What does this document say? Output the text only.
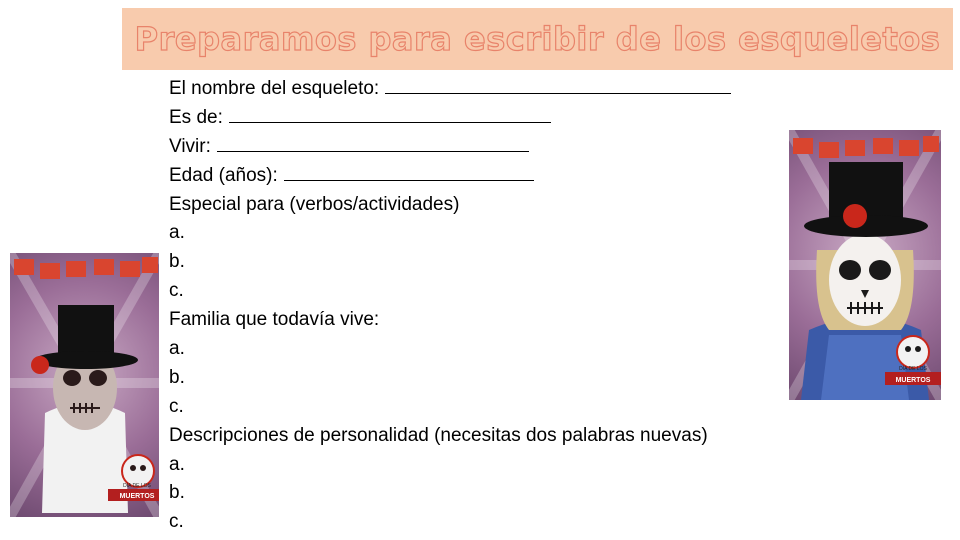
Preparamos para escribir de los esqueletos
El nombre del esqueleto:
Es de:
Vivir:
Edad (años):
Especial para (verbos/actividades)
a.
b.
c.
Familia que todavía vive:
a.
b.
c.
Descripciones de personalidad (necesitas dos palabras nuevas)
a.
b.
c.
DÍA DE LOS
MUERTOS
DÍA DE LOS
MUERTOS
